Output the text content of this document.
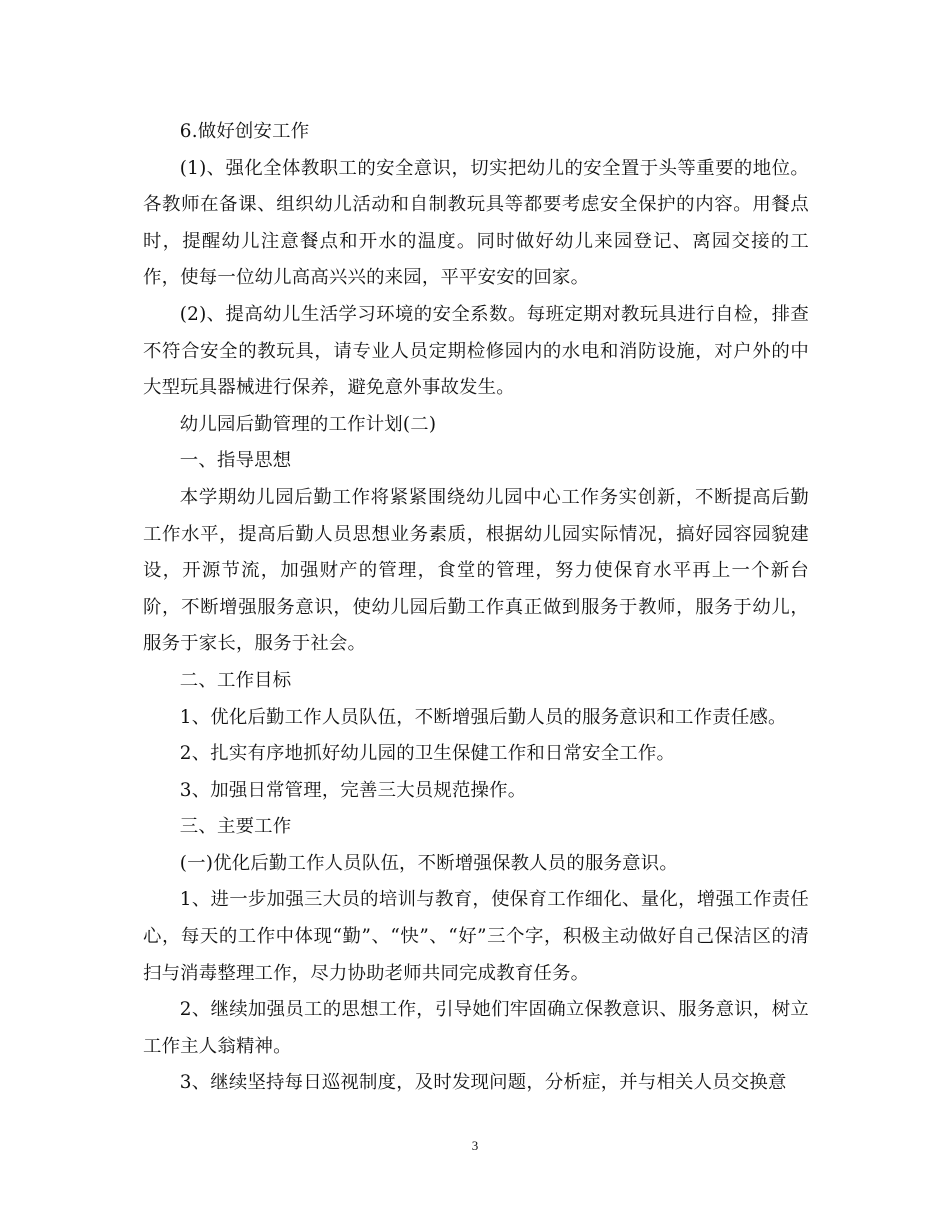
6.做好创安工作

(1)、强化全体教职工的安全意识，切实把幼儿的安全置于头等重要的地位。各教师在备课、组织幼儿活动和自制教玩具等都要考虑安全保护的内容。用餐点时，提醒幼儿注意餐点和开水的温度。同时做好幼儿来园登记、离园交接的工作，使每一位幼儿高高兴兴的来园，平平安安的回家。

(2)、提高幼儿生活学习环境的安全系数。每班定期对教玩具进行自检，排查不符合安全的教玩具，请专业人员定期检修园内的水电和消防设施，对户外的中大型玩具器械进行保养，避免意外事故发生。

幼儿园后勤管理的工作计划(二)

一、指导思想

本学期幼儿园后勤工作将紧紧围绕幼儿园中心工作务实创新，不断提高后勤工作水平，提高后勤人员思想业务素质，根据幼儿园实际情况，搞好园容园貌建设，开源节流，加强财产的管理，食堂的管理，努力使保育水平再上一个新台阶，不断增强服务意识，使幼儿园后勤工作真正做到服务于教师，服务于幼儿，服务于家长，服务于社会。

二、工作目标

1、优化后勤工作人员队伍，不断增强后勤人员的服务意识和工作责任感。

2、扎实有序地抓好幼儿园的卫生保健工作和日常安全工作。

3、加强日常管理，完善三大员规范操作。

三、主要工作

(一)优化后勤工作人员队伍，不断增强保教人员的服务意识。

1、进一步加强三大员的培训与教育，使保育工作细化、量化，增强工作责任心，每天的工作中体现“勤”、“快”、“好”三个字，积极主动做好自己保洁区的清扫与消毒整理工作，尽力协助老师共同完成教育任务。

2、继续加强员工的思想工作，引导她们牢固确立保教意识、服务意识，树立工作主人翁精神。

3、继续坚持每日巡视制度，及时发现问题，分析症，并与相关人员交换意

3
